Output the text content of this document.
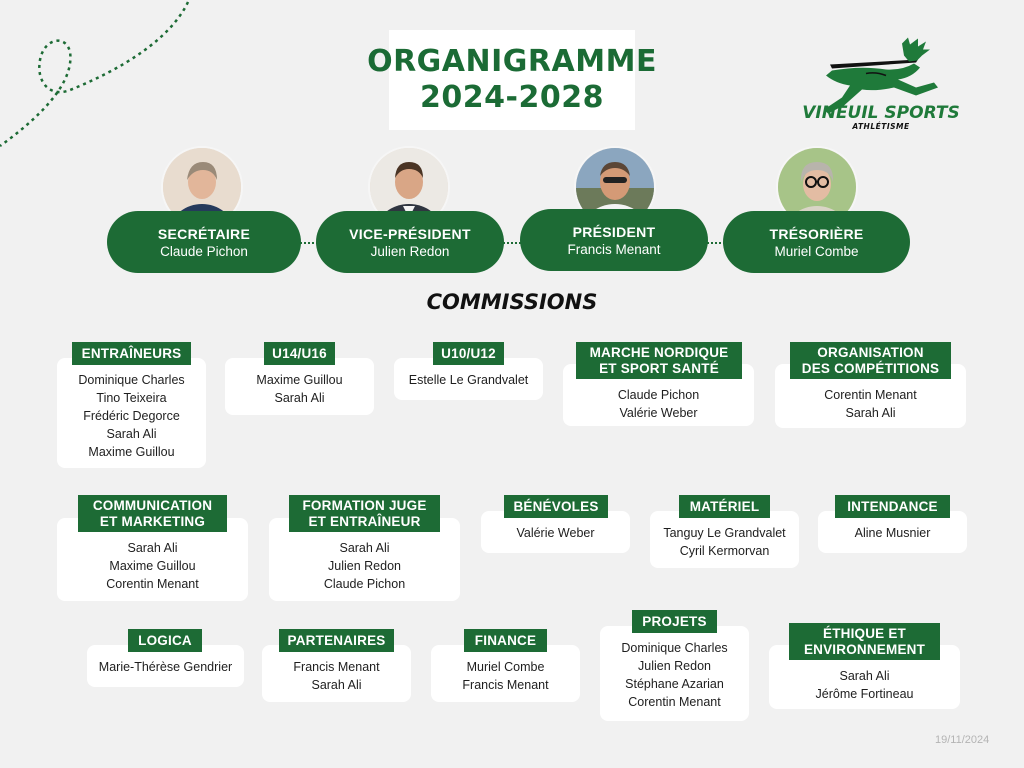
ORGANIGRAMME
2024-2028	VINEUIL SPORTS
ATHLÉTISME
SECRÉTAIRE
Claude Pichon
VICE-PRÉSIDENT
Julien Redon
PRÉSIDENT
Francis Menant
TRÉSORIÈRE
Muriel Combe
COMMISSIONS
ENTRAÎNEURS
Dominique Charles
Tino Teixeira
Frédéric Degorce
Sarah Ali
Maxime Guillou
U14/U16
Maxime Guillou
Sarah Ali
U10/U12
Estelle Le Grandvalet
MARCHE NORDIQUE
ET SPORT SANTÉ
Claude Pichon
Valérie Weber
ORGANISATION
DES COMPÉTITIONS
Corentin Menant
Sarah Ali
COMMUNICATION
ET MARKETING
Sarah Ali
Maxime Guillou
Corentin Menant
FORMATION JUGE
ET ENTRAÎNEUR
Sarah Ali
Julien Redon
Claude Pichon
BÉNÉVOLES
Valérie Weber
MATÉRIEL
Tanguy Le Grandvalet
Cyril Kermorvan
INTENDANCE
Aline Musnier
LOGICA
Marie-Thérèse Gendrier
PARTENAIRES
Francis Menant
Sarah Ali
FINANCE
Muriel Combe
Francis Menant
PROJETS
Dominique Charles
Julien Redon
Stéphane Azarian
Corentin Menant
ÉTHIQUE ET
ENVIRONNEMENT
Sarah Ali
Jérôme Fortineau
19/11/2024
